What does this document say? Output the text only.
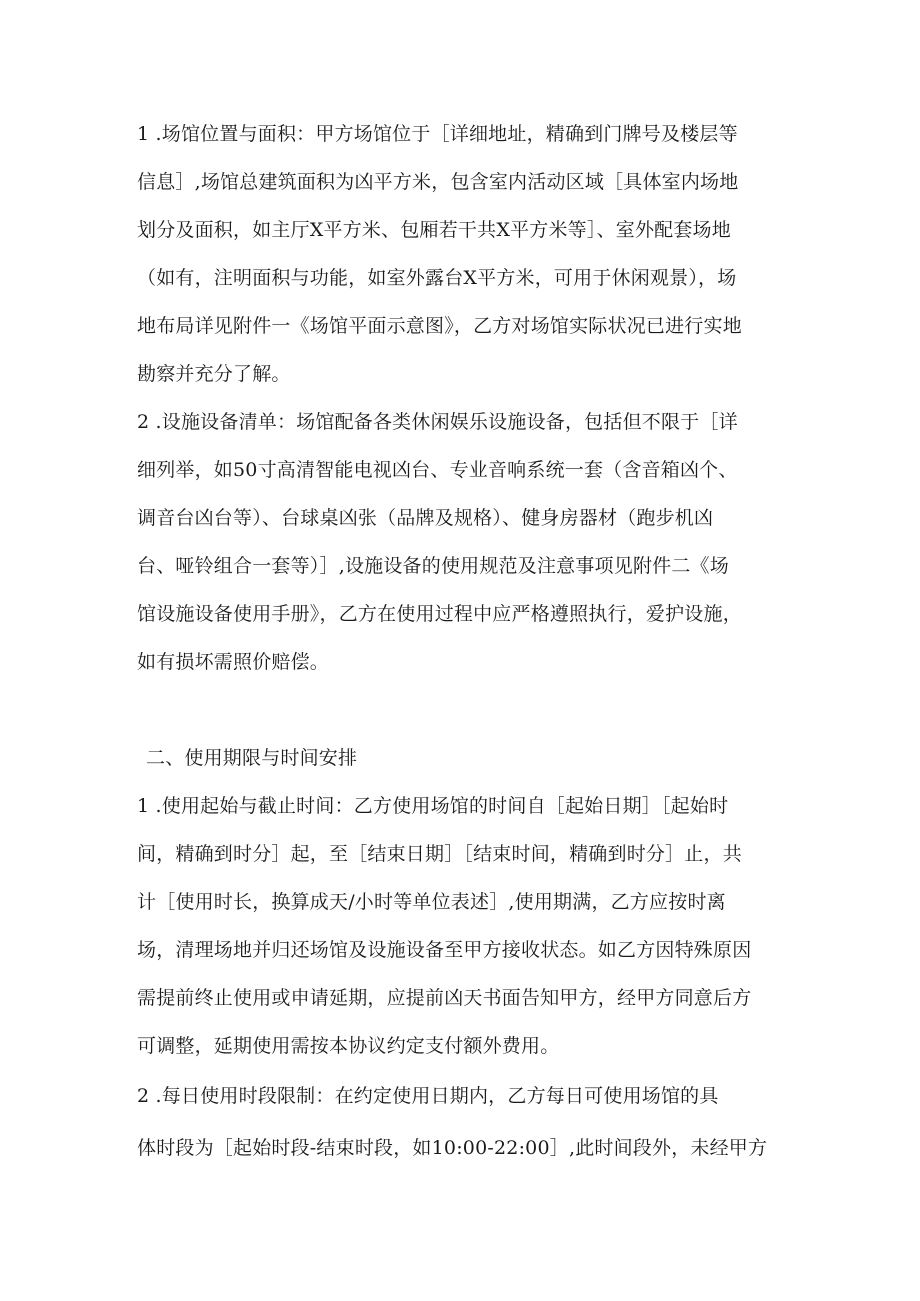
1 .场馆位置与面积：甲方场馆位于［详细地址，精确到门牌号及楼层等
信息］,场馆总建筑面积为凶平方米，包含室内活动区域［具体室内场地
划分及面积，如主厅X平方米、包厢若干共X平方米等］、室外配套场地
（如有，注明面积与功能，如室外露台X平方米，可用于休闲观景），场
地布局详见附件一《场馆平面示意图》，乙方对场馆实际状况已进行实地
勘察并充分了解。
2 .设施设备清单：场馆配备各类休闲娱乐设施设备，包括但不限于［详
细列举，如50寸高清智能电视凶台、专业音响系统一套（含音箱凶个、
调音台凶台等）、台球桌凶张（品牌及规格）、健身房器材（跑步机凶
台、哑铃组合一套等）］,设施设备的使用规范及注意事项见附件二《场
馆设施设备使用手册》，乙方在使用过程中应严格遵照执行，爱护设施，
如有损坏需照价赔偿。
二、使用期限与时间安排
1 .使用起始与截止时间：乙方使用场馆的时间自［起始日期］［起始时
间，精确到时分］起，至［结束日期］［结束时间，精确到时分］止，共
计［使用时长，换算成天/小时等单位表述］,使用期满，乙方应按时离
场，清理场地并归还场馆及设施设备至甲方接收状态。如乙方因特殊原因
需提前终止使用或申请延期，应提前凶天书面告知甲方，经甲方同意后方
可调整，延期使用需按本协议约定支付额外费用。
2 .每日使用时段限制：在约定使用日期内，乙方每日可使用场馆的具
体时段为［起始时段-结束时段，如10:00-22:00］,此时间段外，未经甲方
